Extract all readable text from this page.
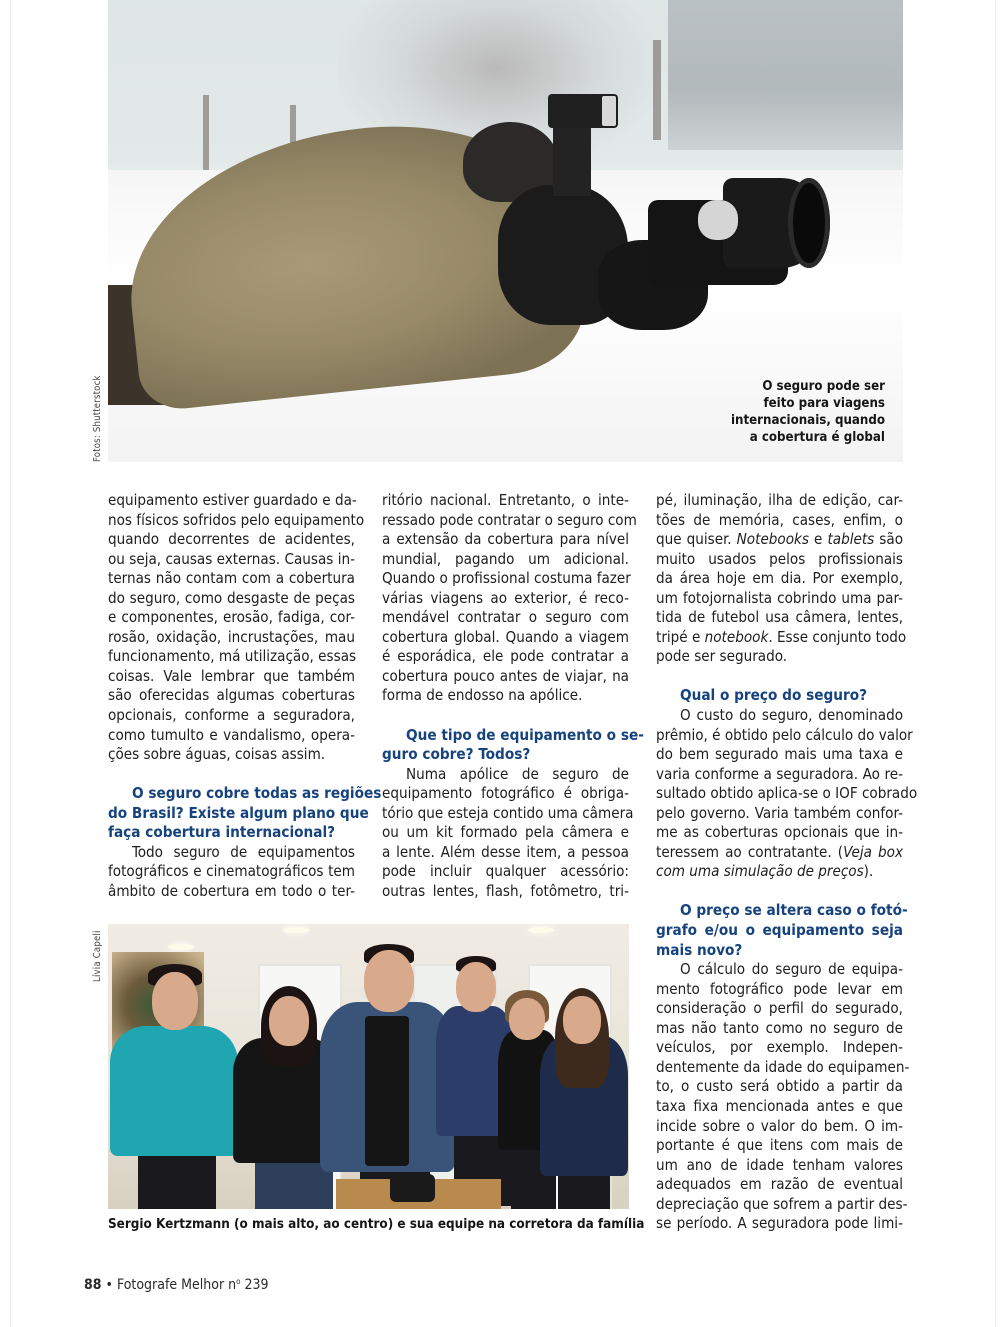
O seguro pode ser
feito para viagens
internacionais, quando
a cobertura é global
Fotos: Shutterstock

equipamento estiver guardado e da-
nos físicos sofridos pelo equipamento
quando decorrentes de acidentes,
ou seja, causas externas. Causas in-
ternas não contam com a cobertura
do seguro, como desgaste de peças
e componentes, erosão, fadiga, cor-
rosão, oxidação, incrustações, mau
funcionamento, má utilização, essas
coisas. Vale lembrar que também
são oferecidas algumas coberturas
opcionais, conforme a seguradora,
como tumulto e vandalismo, opera-
ções sobre águas, coisas assim.

O seguro cobre todas as regiões
do Brasil? Existe algum plano que
faça cobertura internacional?

Todo seguro de equipamentos
fotográficos e cinematográficos tem
âmbito de cobertura em todo o ter-

ritório nacional. Entretanto, o inte-
ressado pode contratar o seguro com
a extensão da cobertura para nível
mundial, pagando um adicional.
Quando o profissional costuma fazer
várias viagens ao exterior, é reco-
mendável contratar o seguro com
cobertura global. Quando a viagem
é esporádica, ele pode contratar a
cobertura pouco antes de viajar, na
forma de endosso na apólice.

Que tipo de equipamento o se-
guro cobre? Todos?

Numa apólice de seguro de
equipamento fotográfico é obriga-
tório que esteja contido uma câmera
ou um kit formado pela câmera e
a lente. Além desse item, a pessoa
pode incluir qualquer acessório:
outras lentes, flash, fotômetro, tri-

pé, iluminação, ilha de edição, car-
tões de memória, cases, enfim, o
que quiser. Notebooks e tablets são
muito usados pelos profissionais
da área hoje em dia. Por exemplo,
um fotojornalista cobrindo uma par-
tida de futebol usa câmera, lentes,
tripé e notebook. Esse conjunto todo
pode ser segurado.

Qual o preço do seguro?

O custo do seguro, denominado
prêmio, é obtido pelo cálculo do valor
do bem segurado mais uma taxa e
varia conforme a seguradora. Ao re-
sultado obtido aplica-se o IOF cobrado
pelo governo. Varia também confor-
me as coberturas opcionais que in-
teressem ao contratante. (Veja box
com uma simulação de preços).

O preço se altera caso o fotó-
grafo e/ou o equipamento seja
mais novo?

O cálculo do seguro de equipa-
mento fotográfico pode levar em
consideração o perfil do segurado,
mas não tanto como no seguro de
veículos, por exemplo. Indepen-
dentemente da idade do equipamen-
to, o custo será obtido a partir da
taxa fixa mencionada antes e que
incide sobre o valor do bem. O im-
portante é que itens com mais de
um ano de idade tenham valores
adequados em razão de eventual
depreciação que sofrem a partir des-
se período. A seguradora pode limi-

Lívia Capeli
Sergio Kertzmann (o mais alto, ao centro) e sua equipe na corretora da família
88 • Fotografe Melhor $n^o$ 239
